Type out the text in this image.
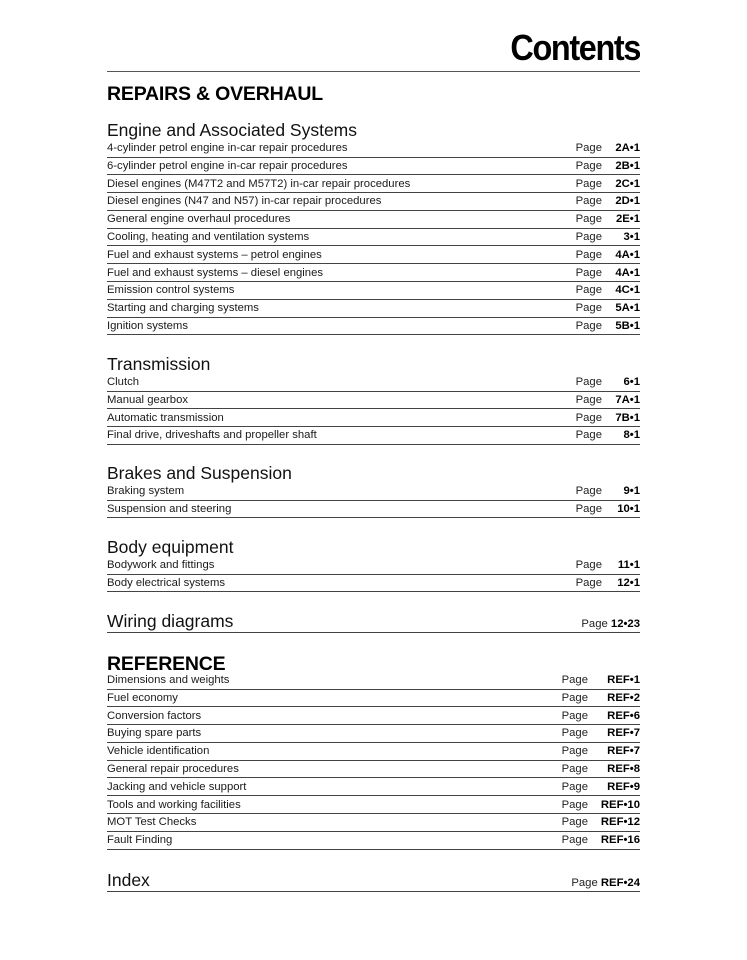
Contents
REPAIRS & OVERHAUL
Engine and Associated Systems
4-cylinder petrol engine in-car repair procedures	Page	2A•1
6-cylinder petrol engine in-car repair procedures	Page	2B•1
Diesel engines (M47T2 and M57T2) in-car repair procedures	Page	2C•1
Diesel engines (N47 and N57) in-car repair procedures	Page	2D•1
General engine overhaul procedures	Page	2E•1
Cooling, heating and ventilation systems	Page	3•1
Fuel and exhaust systems – petrol engines	Page	4A•1
Fuel and exhaust systems – diesel engines	Page	4A•1
Emission control systems	Page	4C•1
Starting and charging systems	Page	5A•1
Ignition systems	Page	5B•1
Transmission
Clutch	Page	6•1
Manual gearbox	Page	7A•1
Automatic transmission	Page	7B•1
Final drive, driveshafts and propeller shaft	Page	8•1
Brakes and Suspension
Braking system	Page	9•1
Suspension and steering	Page	10•1
Body equipment
Bodywork and fittings	Page	11•1
Body electrical systems	Page	12•1
Wiring diagrams	Page 12•23
REFERENCE
Dimensions and weights	Page	REF•1
Fuel economy	Page	REF•2
Conversion factors	Page	REF•6
Buying spare parts	Page	REF•7
Vehicle identification	Page	REF•7
General repair procedures	Page	REF•8
Jacking and vehicle support	Page	REF•9
Tools and working facilities	Page	REF•10
MOT Test Checks	Page	REF•12
Fault Finding	Page	REF•16
Index	Page REF•24
